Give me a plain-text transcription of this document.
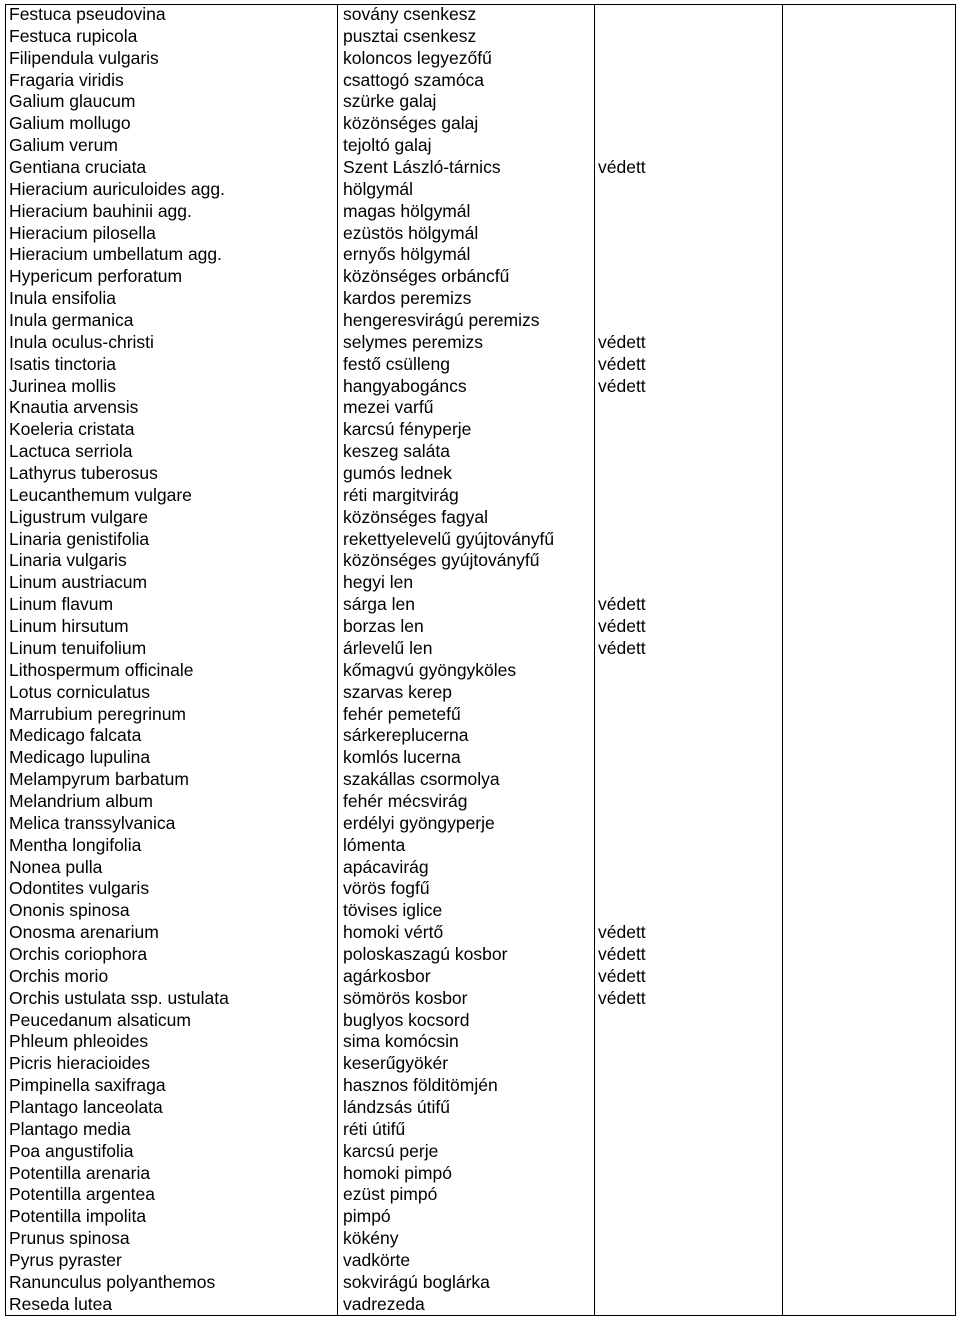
Festuca pseudovina
Festuca rupicola
Filipendula vulgaris
Fragaria viridis
Galium glaucum
Galium mollugo
Galium verum
Gentiana cruciata
Hieracium auriculoides agg.
Hieracium bauhinii agg.
Hieracium pilosella
Hieracium umbellatum agg.
Hypericum perforatum
Inula ensifolia
Inula germanica
Inula oculus-christi
Isatis tinctoria
Jurinea mollis
Knautia arvensis
Koeleria cristata
Lactuca serriola
Lathyrus tuberosus
Leucanthemum vulgare
Ligustrum vulgare
Linaria genistifolia
Linaria vulgaris
Linum austriacum
Linum flavum
Linum hirsutum
Linum tenuifolium
Lithospermum officinale
Lotus corniculatus
Marrubium peregrinum
Medicago falcata
Medicago lupulina
Melampyrum barbatum
Melandrium album
Melica transsylvanica
Mentha longifolia
Nonea pulla
Odontites vulgaris
Ononis spinosa
Onosma arenarium
Orchis coriophora
Orchis morio
Orchis ustulata ssp. ustulata
Peucedanum alsaticum
Phleum phleoides
Picris hieracioides
Pimpinella saxifraga
Plantago lanceolata
Plantago media
Poa angustifolia
Potentilla arenaria
Potentilla argentea
Potentilla impolita
Prunus spinosa
Pyrus pyraster
Ranunculus polyanthemos
Reseda lutea
sovány csenkesz
pusztai csenkesz
koloncos legyezőfű
csattogó szamóca
szürke galaj
közönséges galaj
tejoltó galaj
Szent László-tárnics
hölgymál
magas hölgymál
ezüstös hölgymál
ernyős hölgymál
közönséges orbáncfű
kardos peremizs
hengeresvirágú peremizs
selymes peremizs
festő csülleng
hangyabogáncs
mezei varfű
karcsú fényperje
keszeg saláta
gumós lednek
réti margitvirág
közönséges fagyal
rekettyelevelű gyújtoványfű
közönséges gyújtoványfű
hegyi len
sárga len
borzas len
árlevelű len
kőmagvú gyöngyköles
szarvas kerep
fehér pemetefű
sárkereplucerna
komlós lucerna
szakállas csormolya
fehér mécsvirág
erdélyi gyöngyperje
lómenta
apácavirág
vörös fogfű
tövises iglice
homoki vértő
poloskaszagú kosbor
agárkosbor
sömörös kosbor
buglyos kocsord
sima komócsin
keserűgyökér
hasznos földitömjén
lándzsás útifű
réti útifű
karcsú perje
homoki pimpó
ezüst pimpó
pimpó
kökény
vadkörte
sokvirágú boglárka
vadrezeda
védett
védett
védett
védett
védett
védett
védett
védett
védett
védett
védett
